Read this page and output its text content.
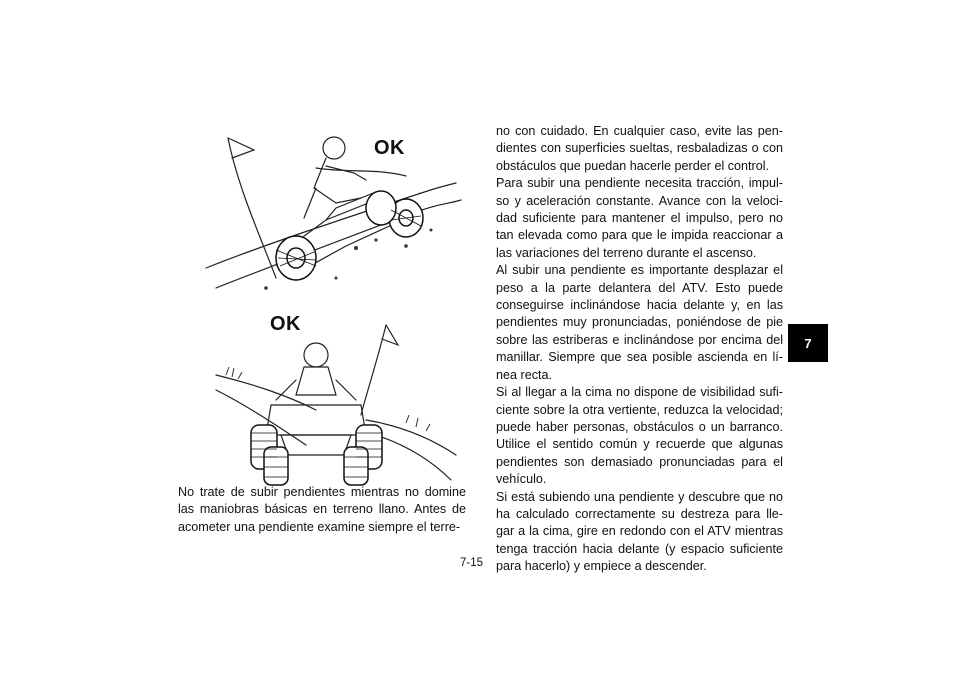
OK
OK

No trate de subir pendientes mientras no domine las maniobras básicas en terreno llano. Antes de acometer una pendiente examine siempre el terre-

no con cuidado. En cualquier caso, evite las pen-dientes con superficies sueltas, resbaladizas o con obstáculos que puedan hacerle perder el control.

Para subir una pendiente necesita tracción, impul-so y aceleración constante. Avance con la veloci-dad suficiente para mantener el impulso, pero no tan elevada como para que le impida reaccionar a las variaciones del terreno durante el ascenso.

Al subir una pendiente es importante desplazar el peso a la parte delantera del ATV. Esto puede conseguirse inclinándose hacia delante y, en las pendientes muy pronunciadas, poniéndose de pie sobre las estriberas e inclinándose por encima del manillar. Siempre que sea posible ascienda en lí-nea recta.

Si al llegar a la cima no dispone de visibilidad sufi-ciente sobre la otra vertiente, reduzca la velocidad; puede haber personas, obstáculos o un barranco. Utilice el sentido común y recuerde que algunas pendientes son demasiado pronunciadas para el vehículo.

Si está subiendo una pendiente y descubre que no ha calculado correctamente su destreza para lle-gar a la cima, gire en redondo con el ATV mientras tenga tracción hacia delante (y espacio suficiente para hacerlo) y empiece a descender.

7-15
7
